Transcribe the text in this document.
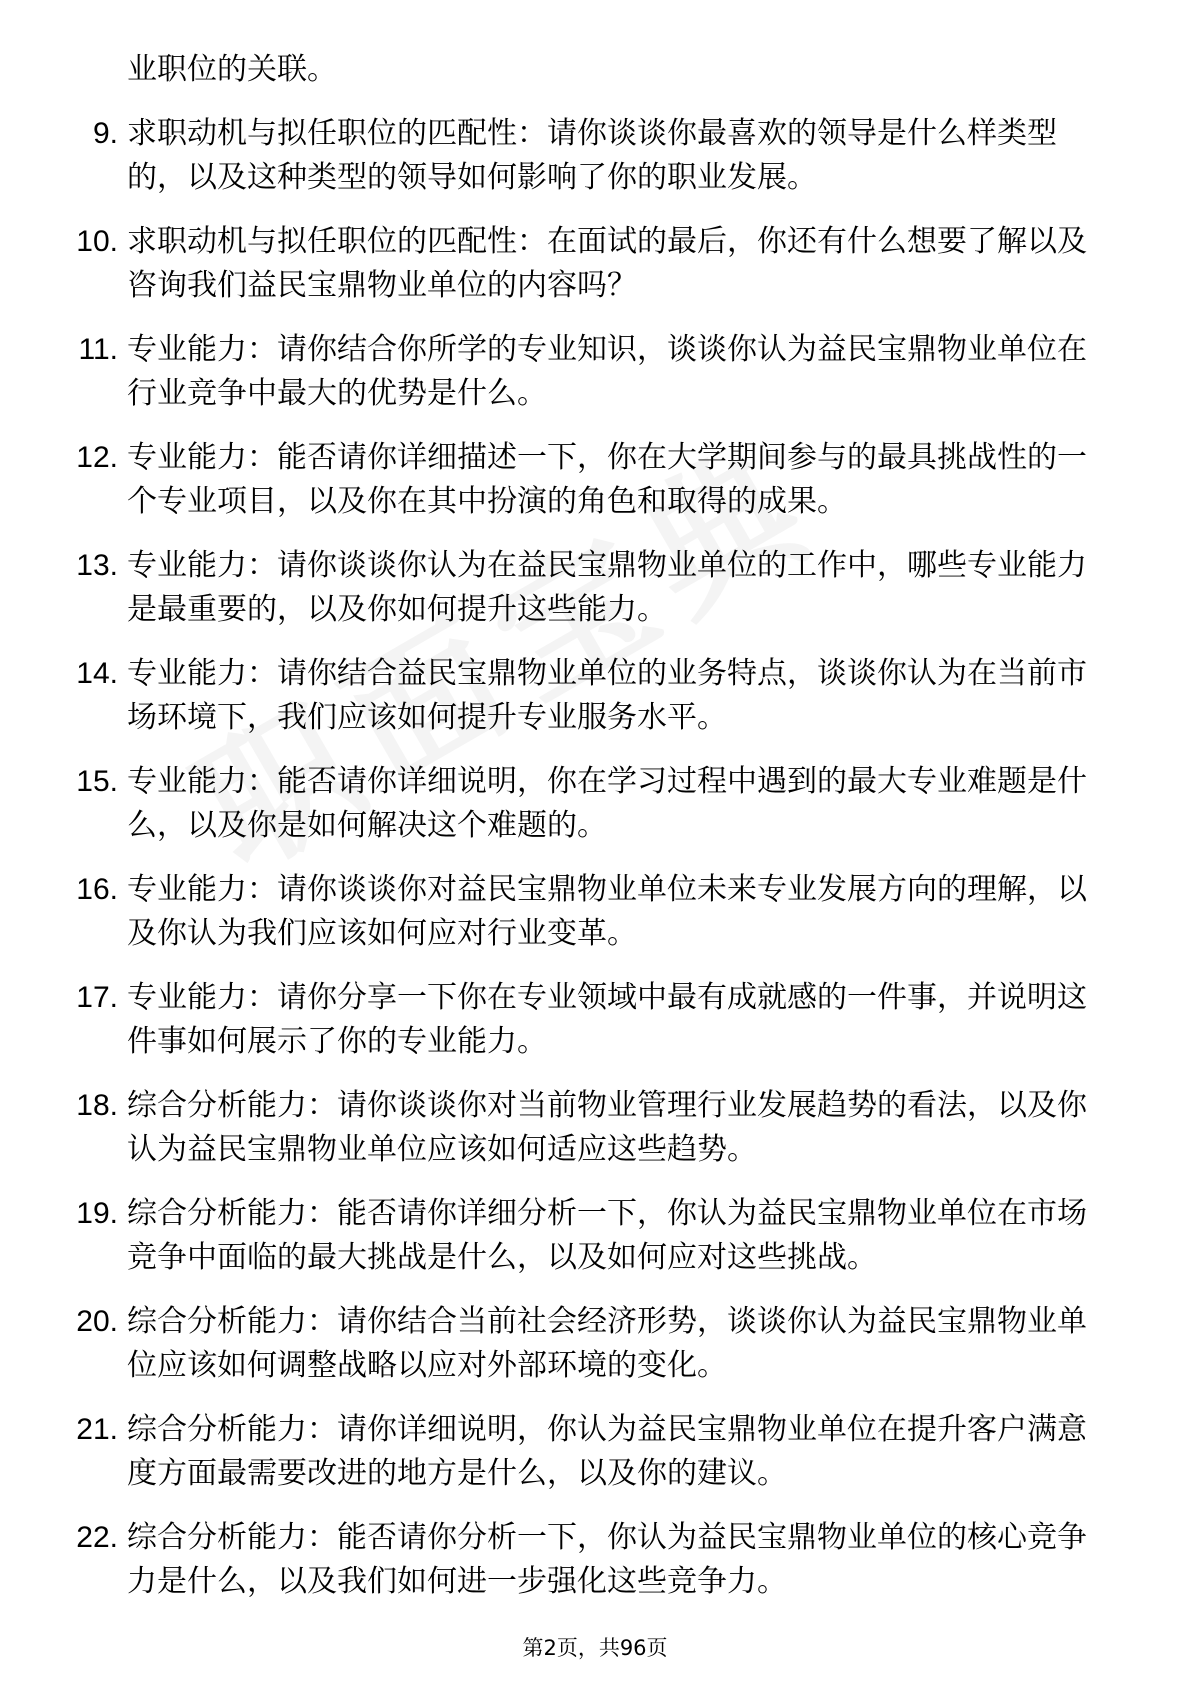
业职位的关联。
9. 求职动机与拟任职位的匹配性：请你谈谈你最喜欢的领导是什么样类型的，以及这种类型的领导如何影响了你的职业发展。
10. 求职动机与拟任职位的匹配性：在面试的最后，你还有什么想要了解以及咨询我们益民宝鼎物业单位的内容吗？
11. 专业能力：请你结合你所学的专业知识，谈谈你认为益民宝鼎物业单位在行业竞争中最大的优势是什么。
12. 专业能力：能否请你详细描述一下，你在大学期间参与的最具挑战性的一个专业项目，以及你在其中扮演的角色和取得的成果。
13. 专业能力：请你谈谈你认为在益民宝鼎物业单位的工作中，哪些专业能力是最重要的，以及你如何提升这些能力。
14. 专业能力：请你结合益民宝鼎物业单位的业务特点，谈谈你认为在当前市场环境下，我们应该如何提升专业服务水平。
15. 专业能力：能否请你详细说明，你在学习过程中遇到的最大专业难题是什么，以及你是如何解决这个难题的。
16. 专业能力：请你谈谈你对益民宝鼎物业单位未来专业发展方向的理解，以及你认为我们应该如何应对行业变革。
17. 专业能力：请你分享一下你在专业领域中最有成就感的一件事，并说明这件事如何展示了你的专业能力。
18. 综合分析能力：请你谈谈你对当前物业管理行业发展趋势的看法，以及你认为益民宝鼎物业单位应该如何适应这些趋势。
19. 综合分析能力：能否请你详细分析一下，你认为益民宝鼎物业单位在市场竞争中面临的最大挑战是什么，以及如何应对这些挑战。
20. 综合分析能力：请你结合当前社会经济形势，谈谈你认为益民宝鼎物业单位应该如何调整战略以应对外部环境的变化。
21. 综合分析能力：请你详细说明，你认为益民宝鼎物业单位在提升客户满意度方面最需要改进的地方是什么，以及你的建议。
22. 综合分析能力：能否请你分析一下，你认为益民宝鼎物业单位的核心竞争力是什么，以及我们如何进一步强化这些竞争力。
第2页，共96页
